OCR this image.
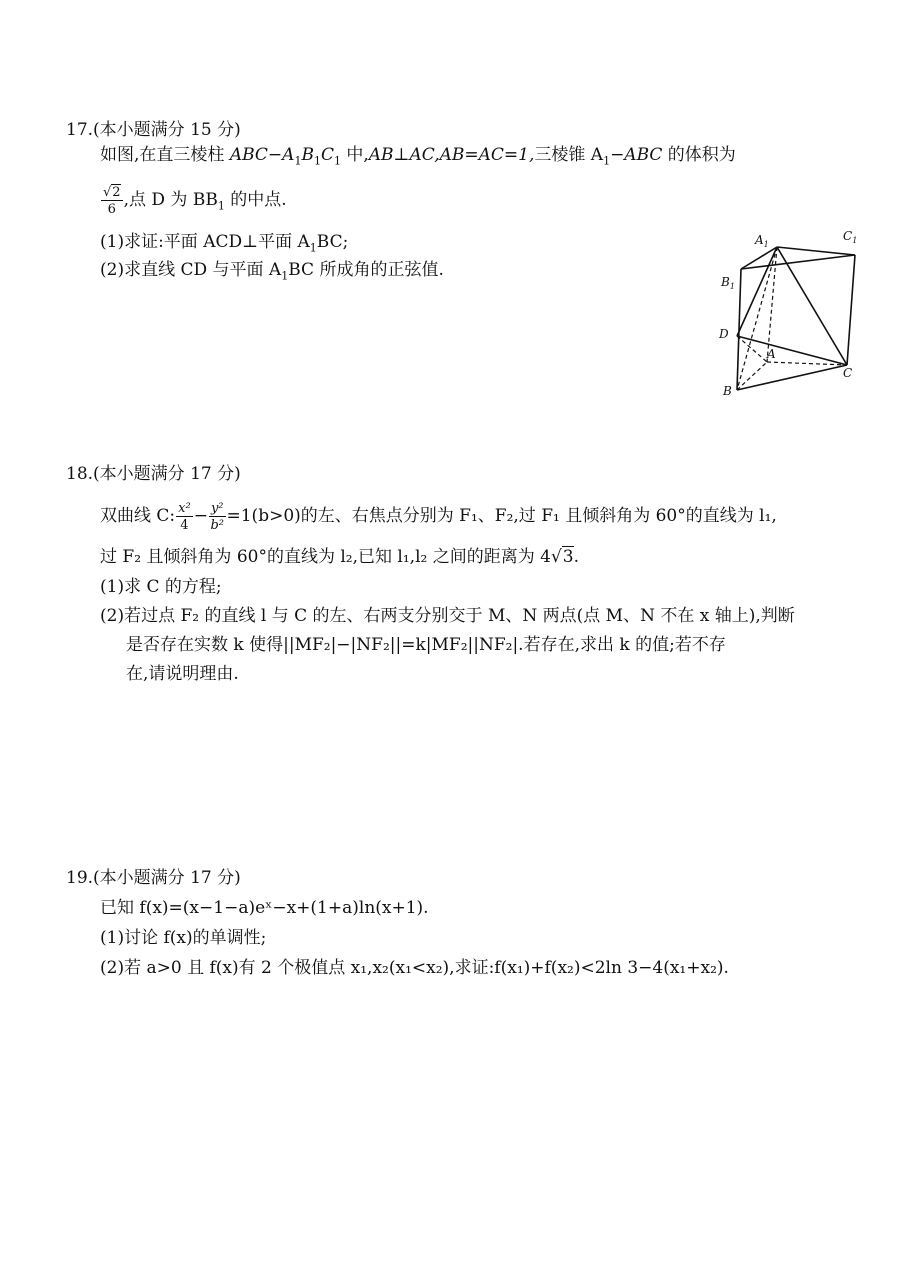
17.(本小题满分 15 分)
如图,在直三棱柱 $ABC-A_1B_1C_1$ 中,AB⊥AC,AB=AC=1,三棱锥 $A_1-ABC$ 的体积为
$\frac{√2}{6}$ ,点 D 为 $BB_1$ 的中点.
(1)求证:平面 ACD⊥平面 $A_1BC$;
(2)求直线 CD 与平面 $A_1BC$ 所成角的正弦值.
$A_1$
$C_1$
$B_1$
D
A
C
B
18.(本小题满分 17 分)
双曲线 C: $\frac{\text{x²}}{4} - \frac{\text{y²}}{\text{b²}} =1(b>0)$的左、右焦点分别为 F₁、F₂,过 F₁ 且倾斜角为 60°的直线为 l₁,
过 F₂ 且倾斜角为 60°的直线为 l₂,已知 l₁,l₂ 之间的距离为 4√3.
(1)求 C 的方程;
(2)若过点 F₂ 的直线 l 与 C 的左、右两支分别交于 M、N 两点(点 M、N 不在 x 轴上),判断
是否存在实数 k 使得||MF₂|−|NF₂||=k|MF₂||NF₂|.若存在,求出 k 的值;若不存
在,请说明理由.
19.(本小题满分 17 分)
已知 f(x)=(x−1−a)eˣ−x+(1+a)ln(x+1).
(1)讨论 f(x)的单调性;
(2)若 a>0 且 f(x)有 2 个极值点 x₁,x₂(x₁<x₂),求证:f(x₁)+f(x₂)<2ln 3−4(x₁+x₂).
